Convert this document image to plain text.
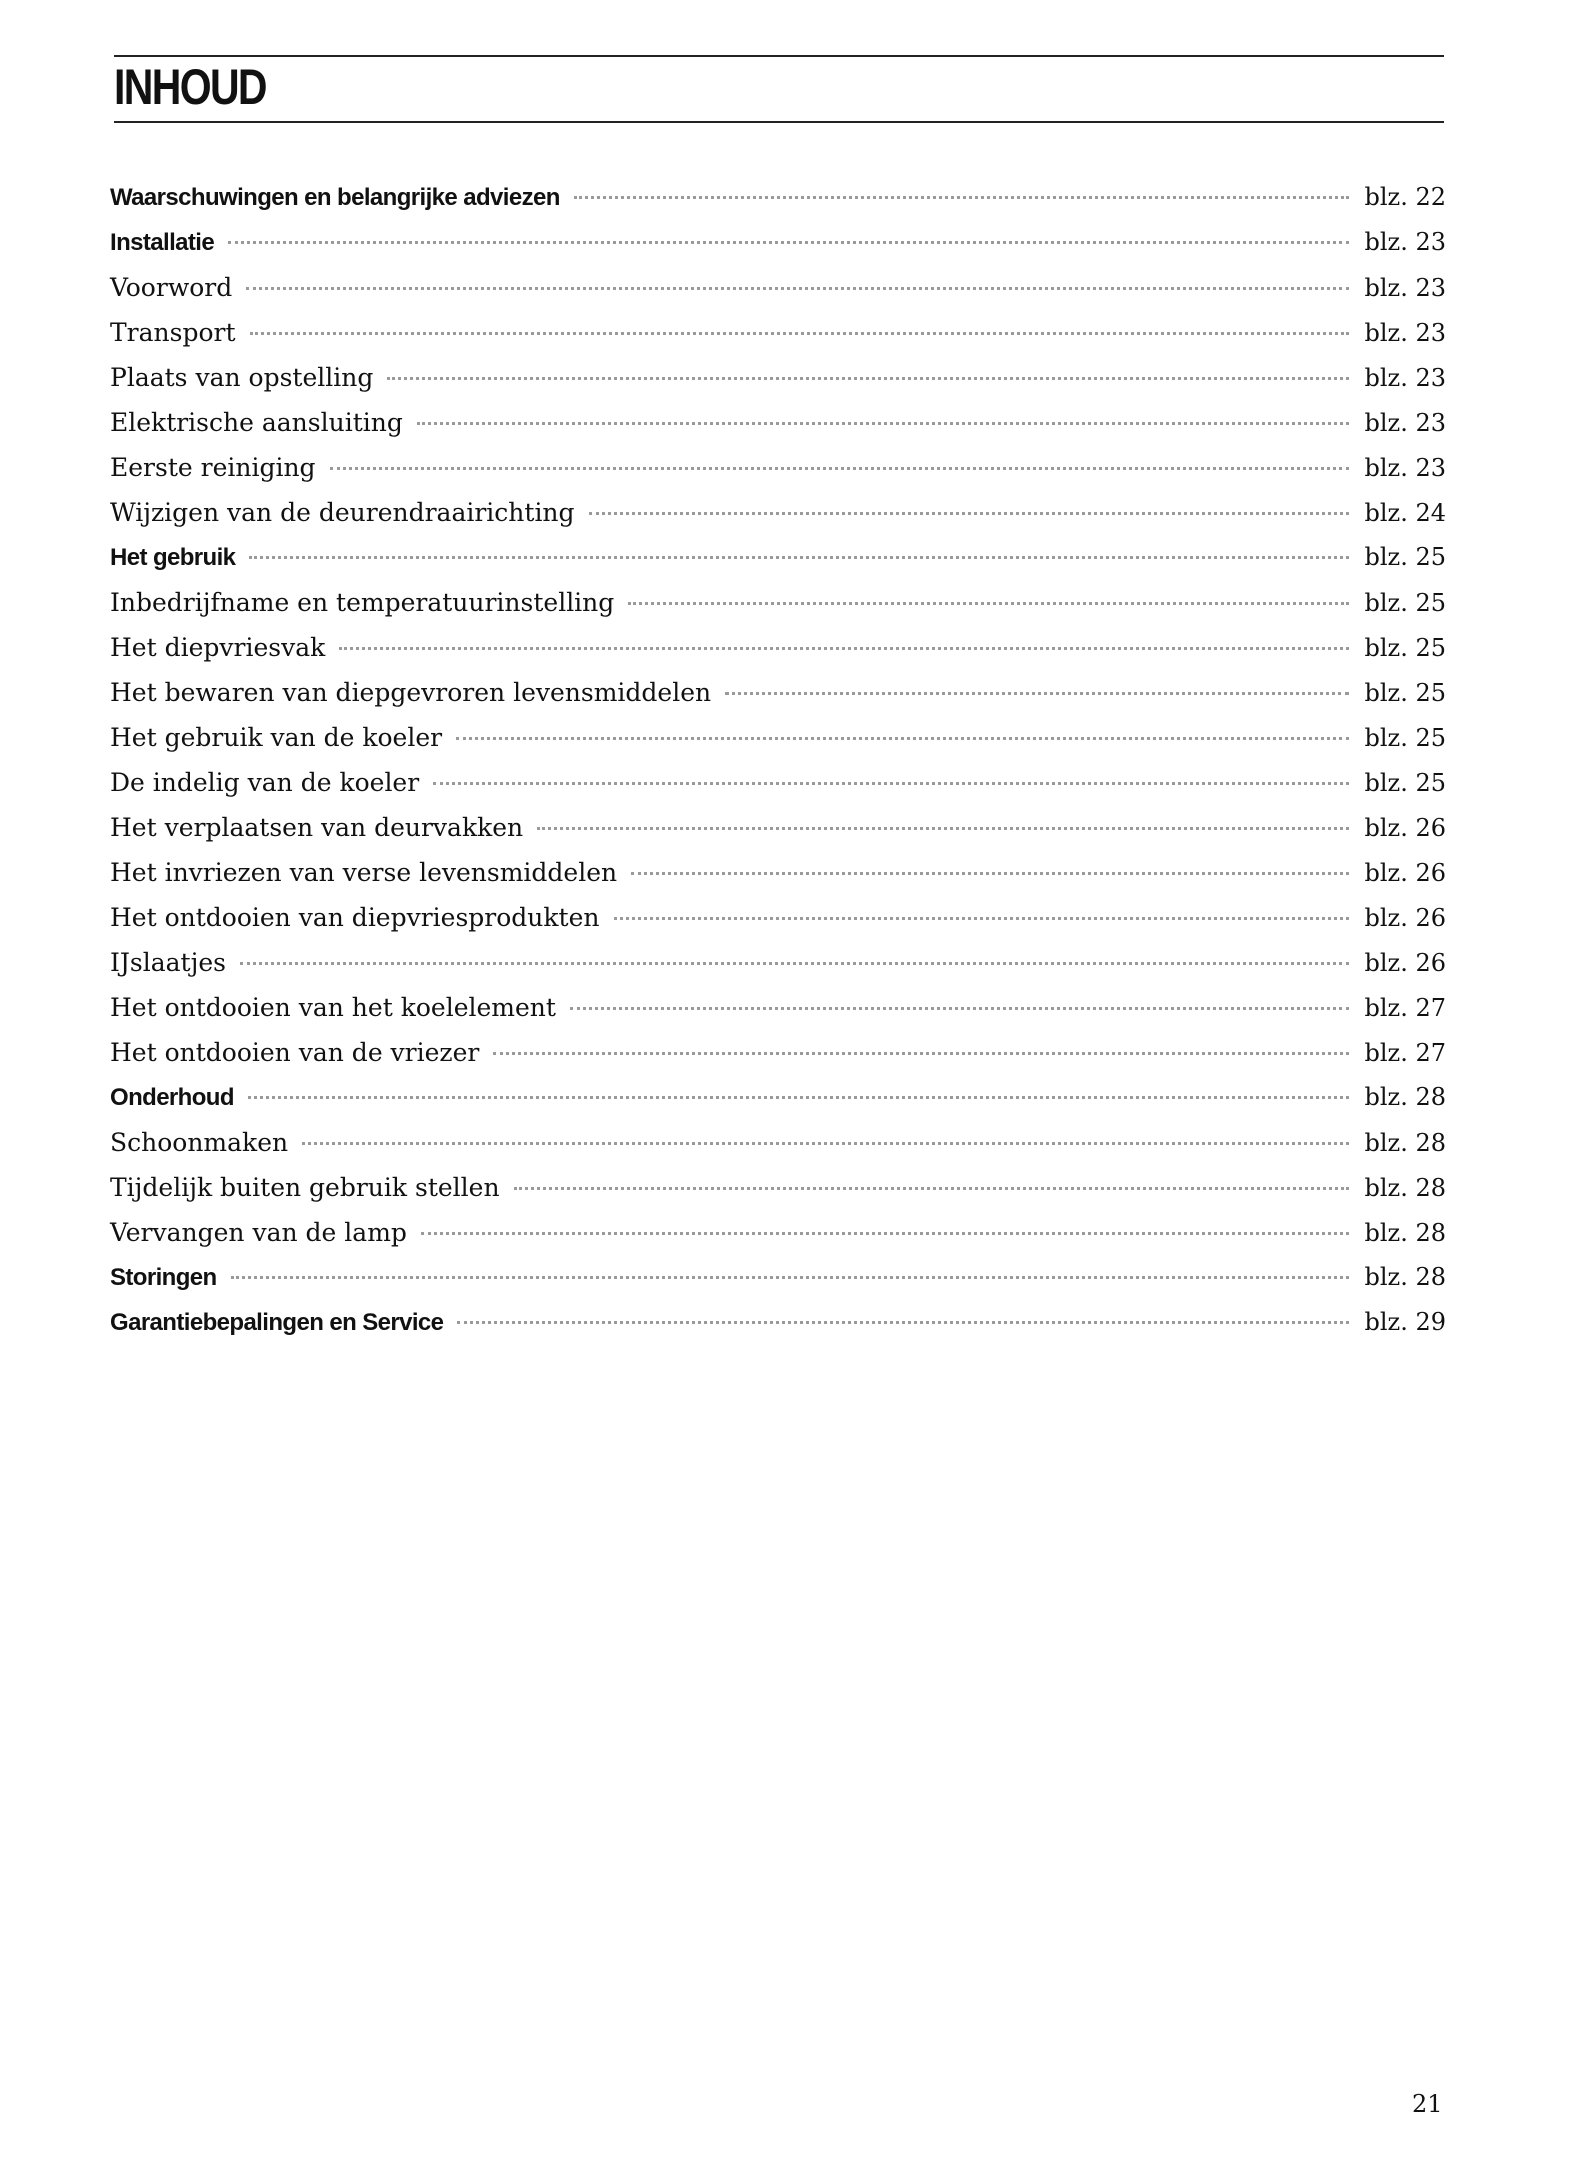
INHOUD
Waarschuwingen en belangrijke adviezen	blz. 22
Installatie	blz. 23
Voorword	blz. 23
Transport	blz. 23
Plaats van opstelling	blz. 23
Elektrische aansluiting	blz. 23
Eerste reiniging	blz. 23
Wijzigen van de deurendraairichting	blz. 24
Het gebruik	blz. 25
Inbedrijfname en temperatuurinstelling	blz. 25
Het diepvriesvak	blz. 25
Het bewaren van diepgevroren levensmiddelen	blz. 25
Het gebruik van de koeler	blz. 25
De indelig van de koeler	blz. 25
Het verplaatsen van deurvakken	blz. 26
Het invriezen van verse levensmiddelen	blz. 26
Het ontdooien van diepvriesprodukten	blz. 26
IJslaatjes	blz. 26
Het ontdooien van het koelelement	blz. 27
Het ontdooien van de vriezer	blz. 27
Onderhoud	blz. 28
Schoonmaken	blz. 28
Tijdelijk buiten gebruik stellen	blz. 28
Vervangen van de lamp	blz. 28
Storingen	blz. 28
Garantiebepalingen en Service	blz. 29
21
